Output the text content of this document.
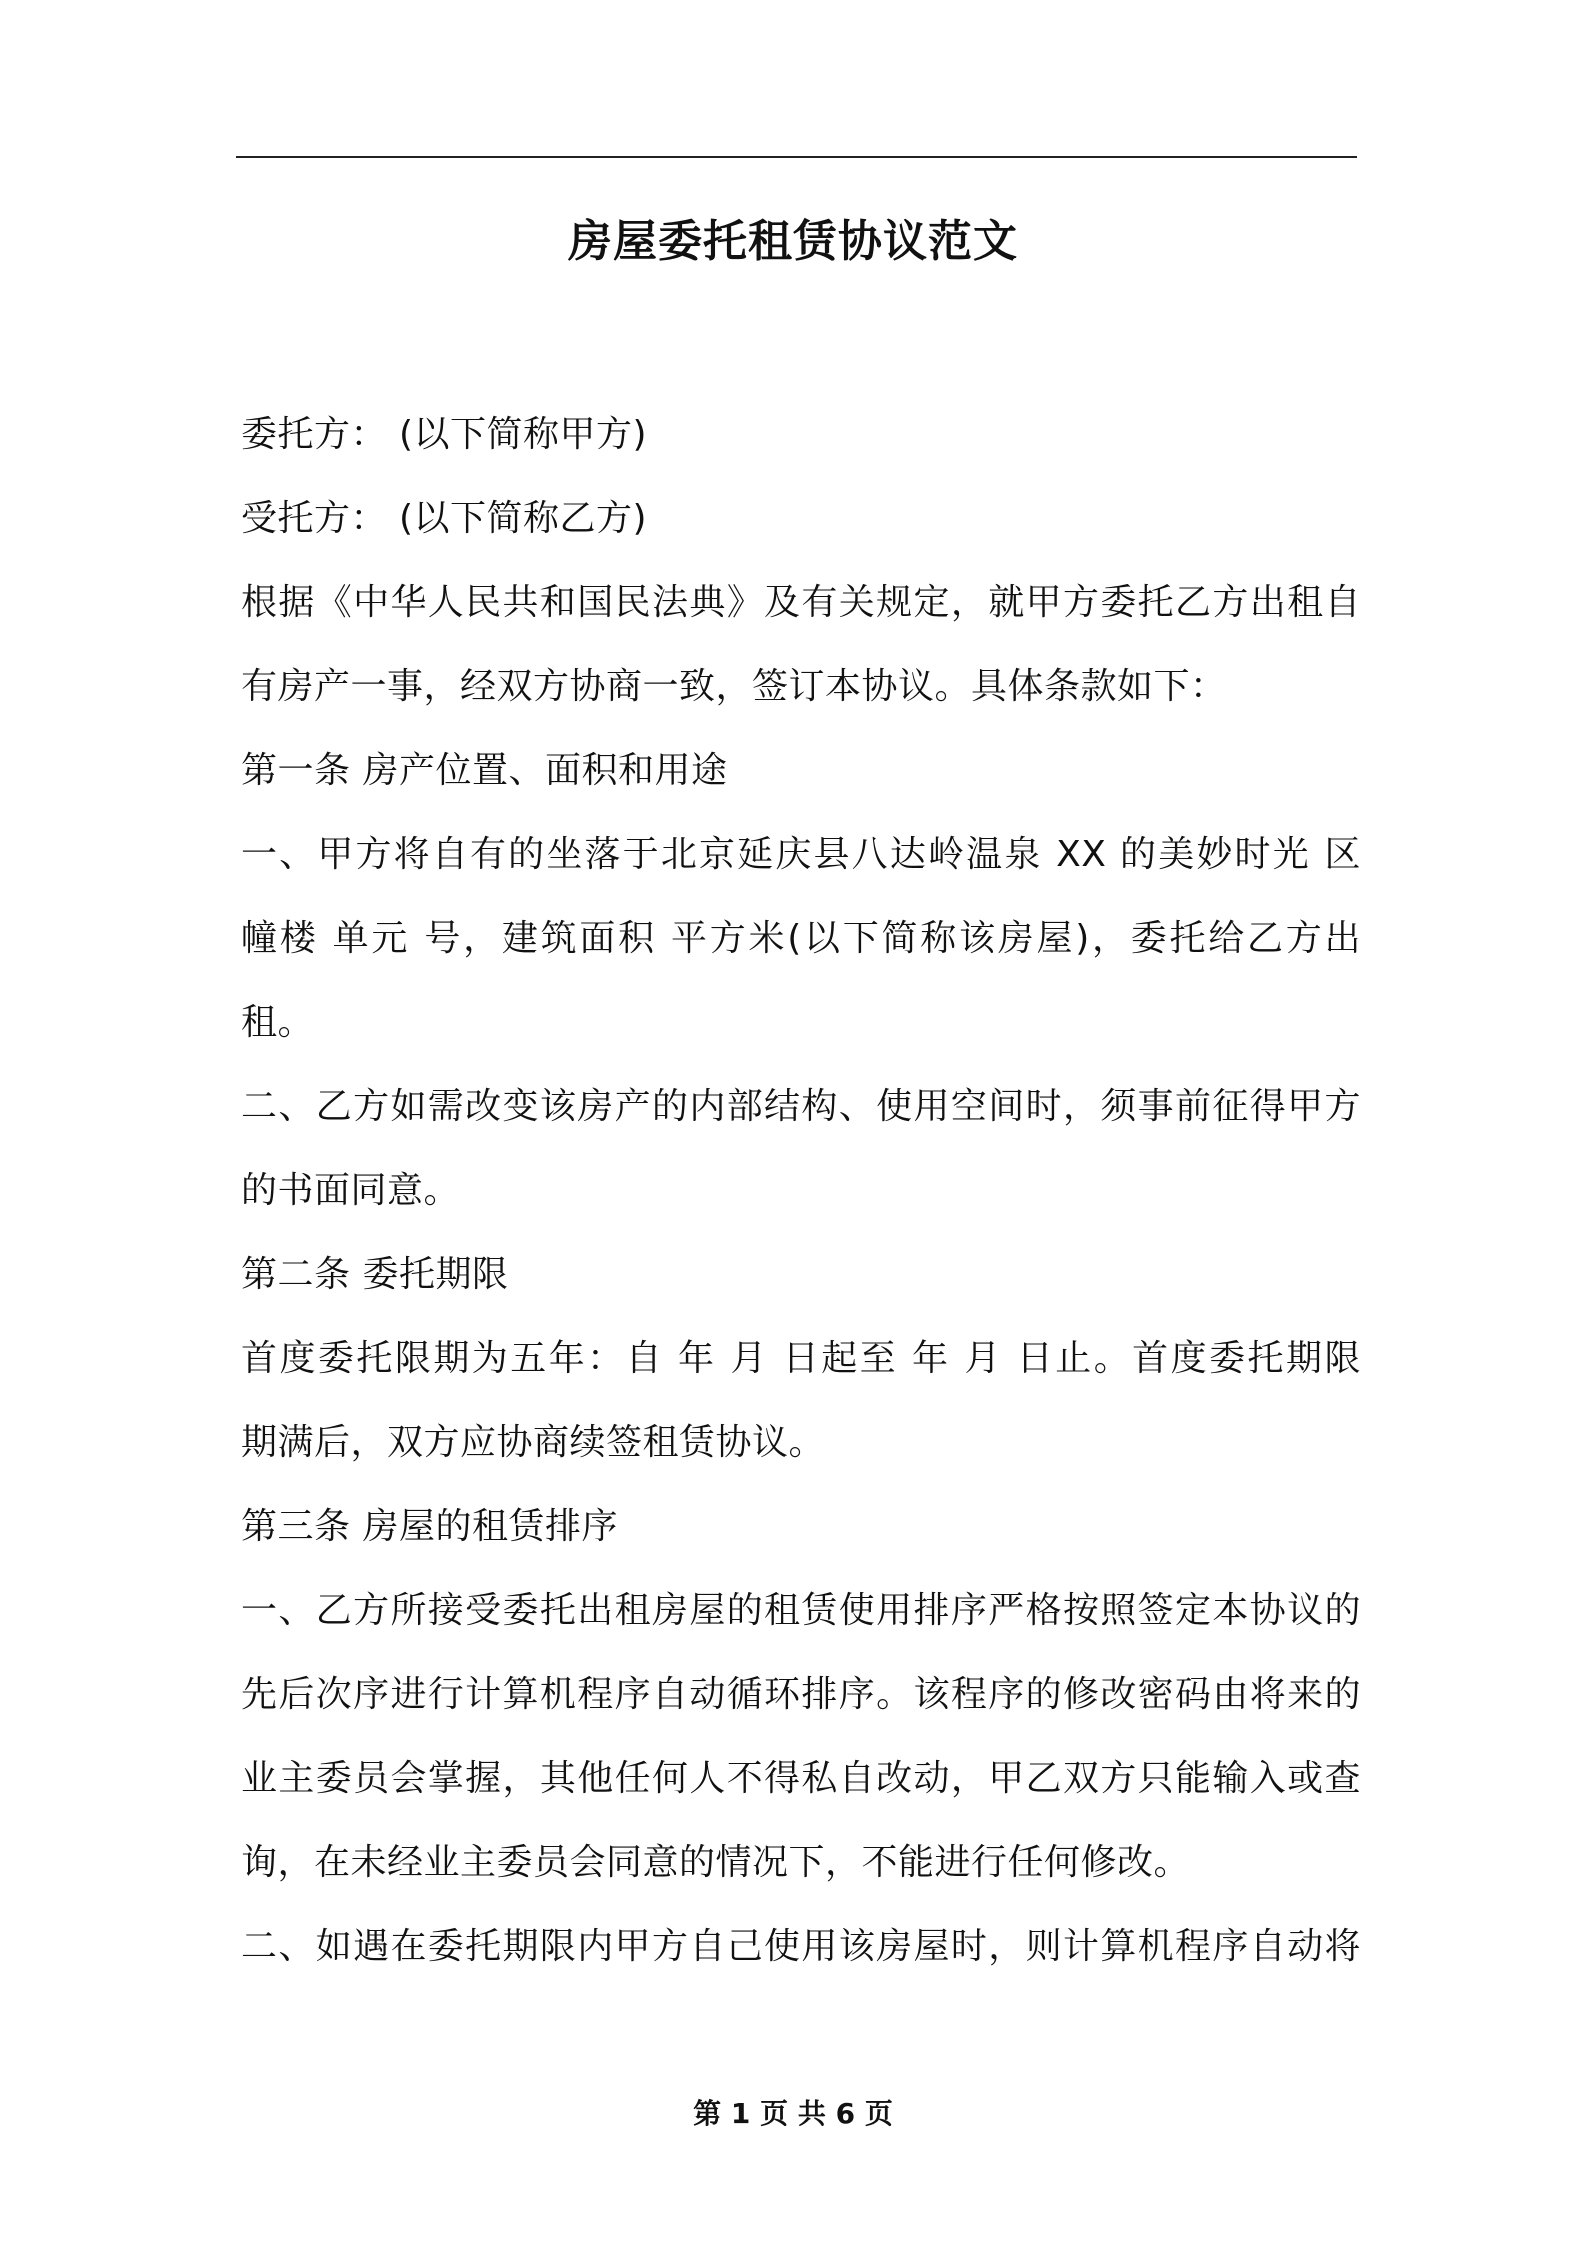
房屋委托租赁协议范文
委托方： (以下简称甲方)
受托方： (以下简称乙方)
根据《中华人民共和国民法典》及有关规定，就甲方委托乙方出租自
有房产一事，经双方协商一致，签订本协议。具体条款如下：
第一条 房产位置、面积和用途
一、甲方将自有的坐落于北京延庆县八达岭温泉 XX 的美妙时光 区
幢楼 单元 号，建筑面积 平方米(以下简称该房屋)，委托给乙方出
租。
二、乙方如需改变该房产的内部结构、使用空间时，须事前征得甲方
的书面同意。
第二条 委托期限
首度委托限期为五年：自 年 月 日起至 年 月 日止。首度委托期限
期满后，双方应协商续签租赁协议。
第三条 房屋的租赁排序
一、乙方所接受委托出租房屋的租赁使用排序严格按照签定本协议的
先后次序进行计算机程序自动循环排序。该程序的修改密码由将来的
业主委员会掌握，其他任何人不得私自改动，甲乙双方只能输入或查
询，在未经业主委员会同意的情况下，不能进行任何修改。
二、如遇在委托期限内甲方自己使用该房屋时，则计算机程序自动将
第 1 页 共 6 页
